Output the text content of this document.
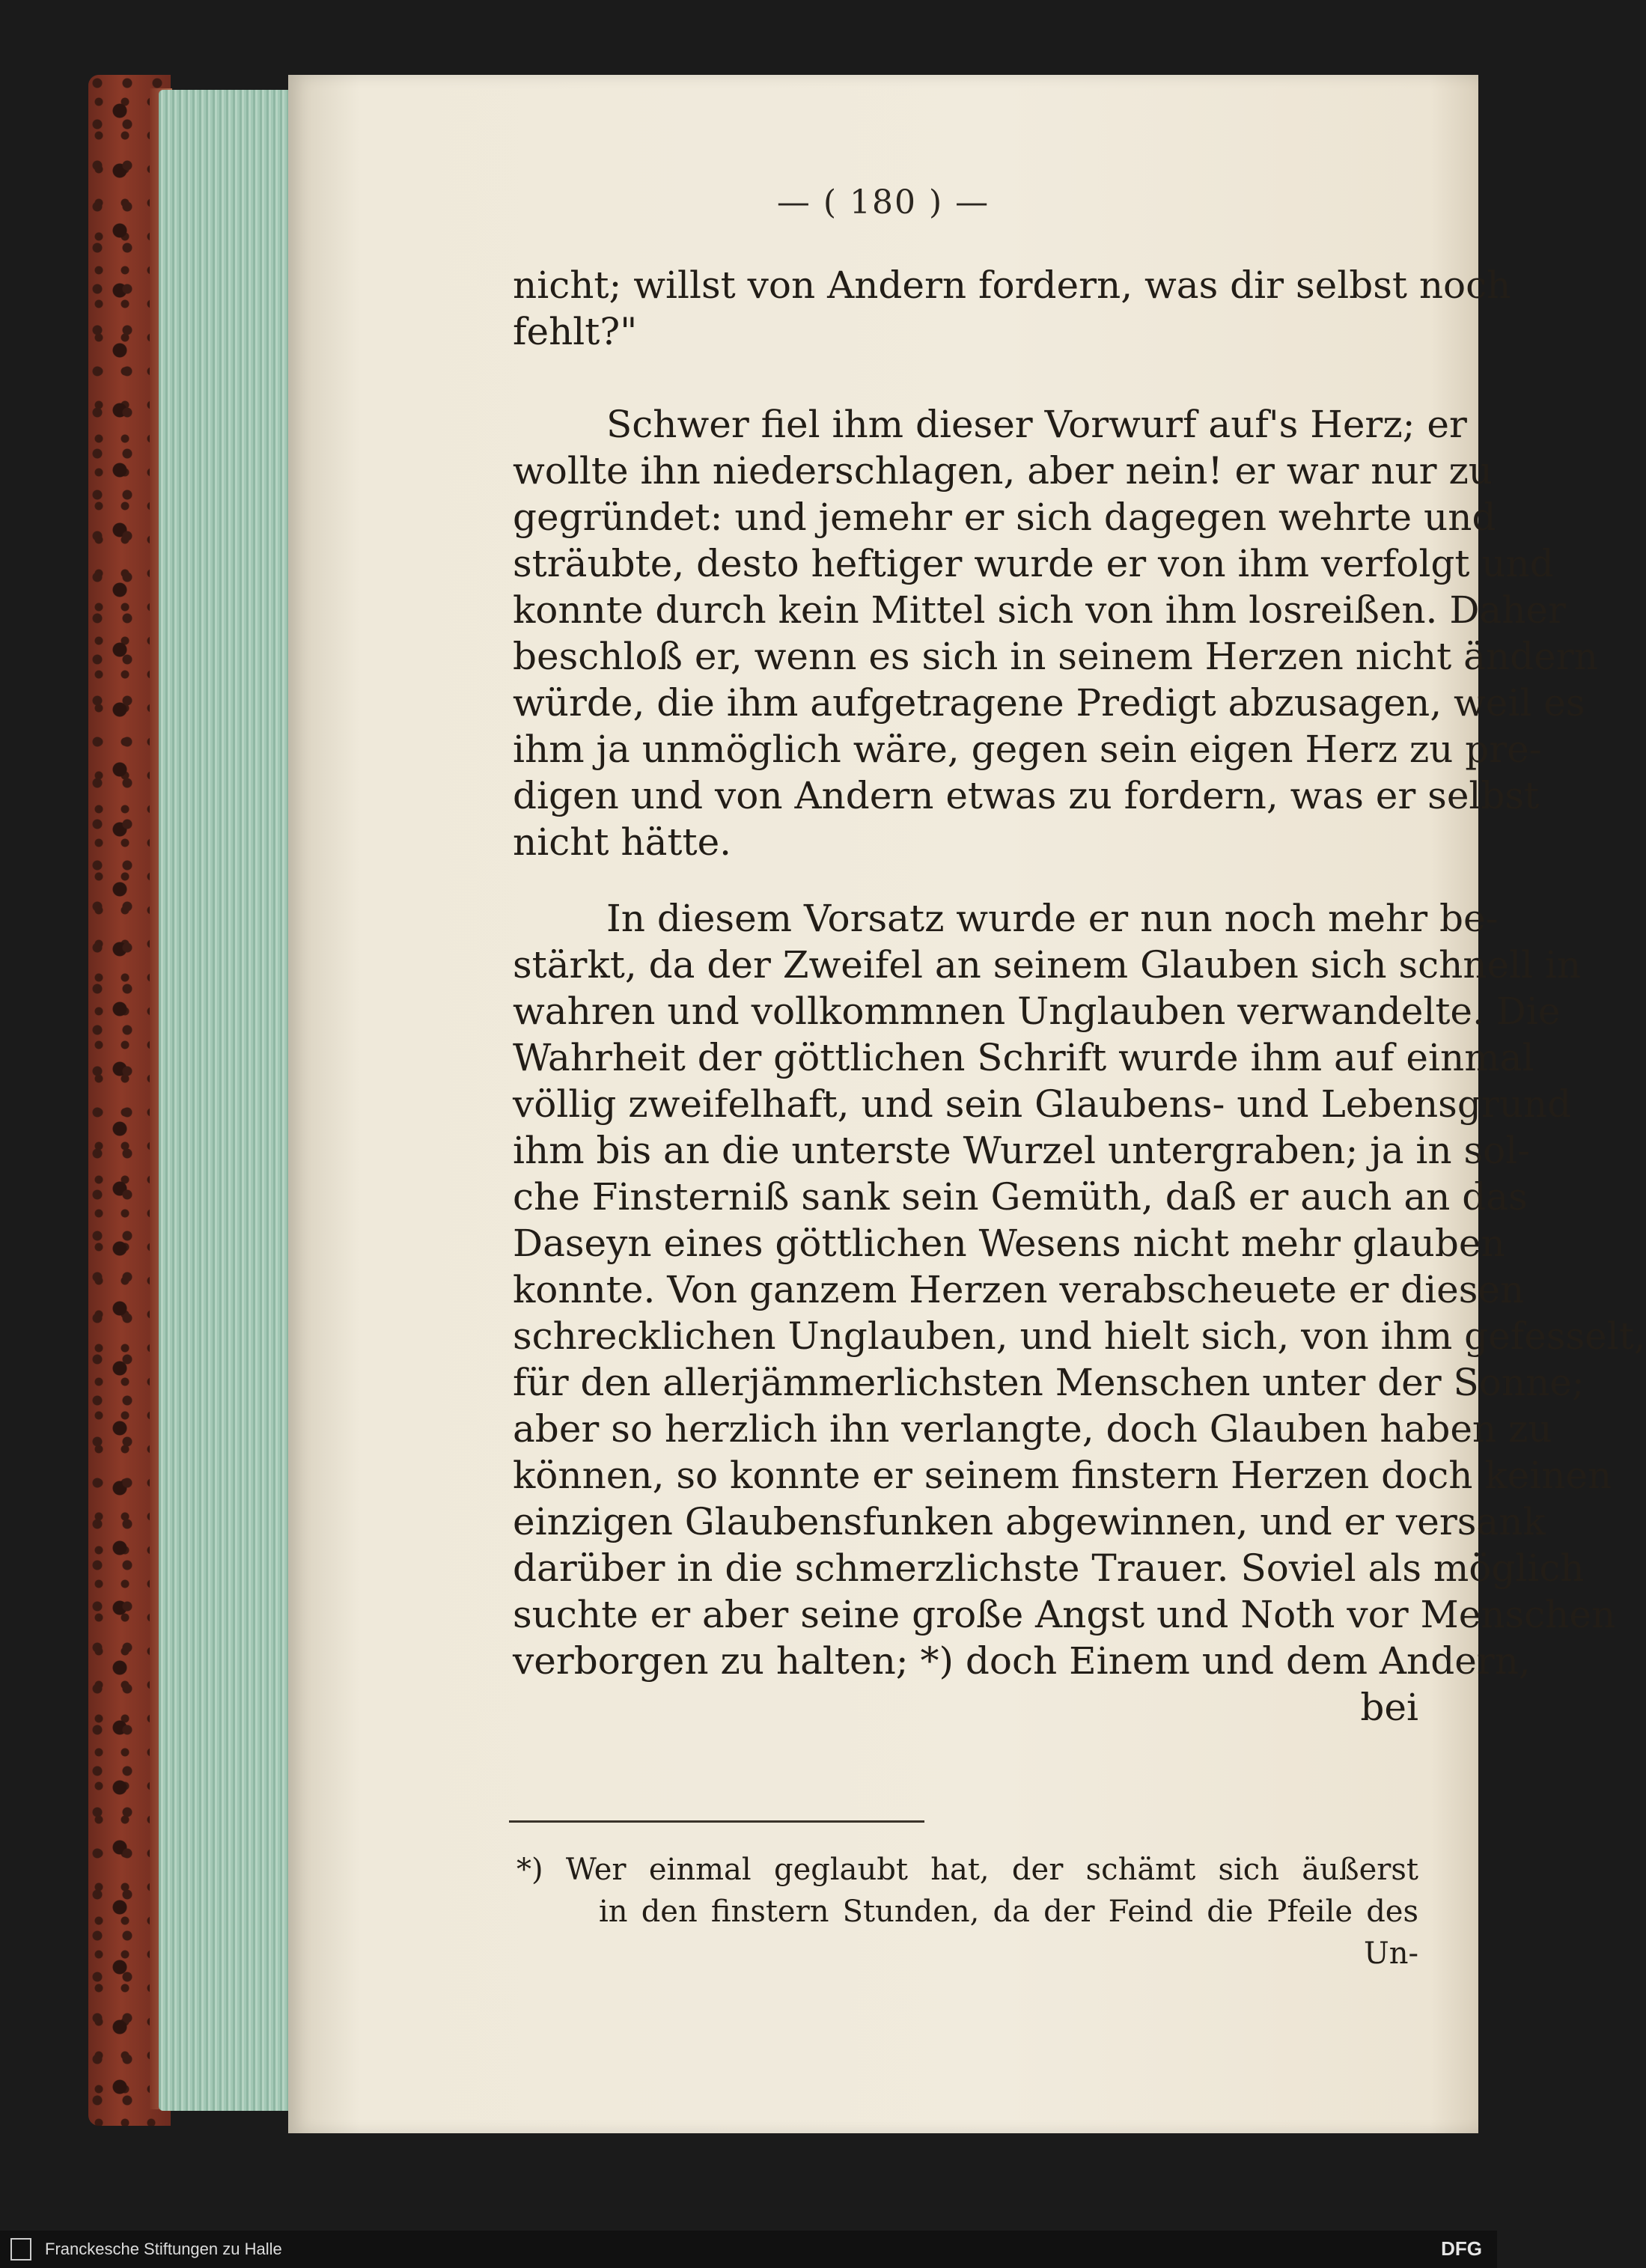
— ( 180 ) —
nicht; willst von Andern fordern, was dir selbst noch
fehlt?"
Schwer fiel ihm dieser Vorwurf auf's Herz; er
wollte ihn niederschlagen, aber nein! er war nur zu
gegründet: und jemehr er sich dagegen wehrte und
sträubte, desto heftiger wurde er von ihm verfolgt und
konnte durch kein Mittel sich von ihm losreißen. Daher
beschloß er, wenn es sich in seinem Herzen nicht ändern
würde, die ihm aufgetragene Predigt abzusagen, weil es
ihm ja unmöglich wäre, gegen sein eigen Herz zu pre-
digen und von Andern etwas zu fordern, was er selbst
nicht hätte.
In diesem Vorsatz wurde er nun noch mehr be-
stärkt, da der Zweifel an seinem Glauben sich schnell in
wahren und vollkommnen Unglauben verwandelte. Die
Wahrheit der göttlichen Schrift wurde ihm auf einmal
völlig zweifelhaft, und sein Glaubens- und Lebensgrund
ihm bis an die unterste Wurzel untergraben; ja in sol-
che Finsterniß sank sein Gemüth, daß er auch an das
Daseyn eines göttlichen Wesens nicht mehr glauben
konnte. Von ganzem Herzen verabscheuete er diesen
schrecklichen Unglauben, und hielt sich, von ihm gefesselt,
für den allerjämmerlichsten Menschen unter der Sonne;
aber so herzlich ihn verlangte, doch Glauben haben zu
können, so konnte er seinem finstern Herzen doch keinen
einzigen Glaubensfunken abgewinnen, und er versank
darüber in die schmerzlichste Trauer. Soviel als möglich
suchte er aber seine große Angst und Noth vor Menschen
verborgen zu halten; *) doch Einem und dem Andern,
bei
*) Wer einmal geglaubt hat, der schämt sich äußerst
in den finstern Stunden, da der Feind die Pfeile des
Un-
Franckesche Stiftungen zu Halle	DFG
